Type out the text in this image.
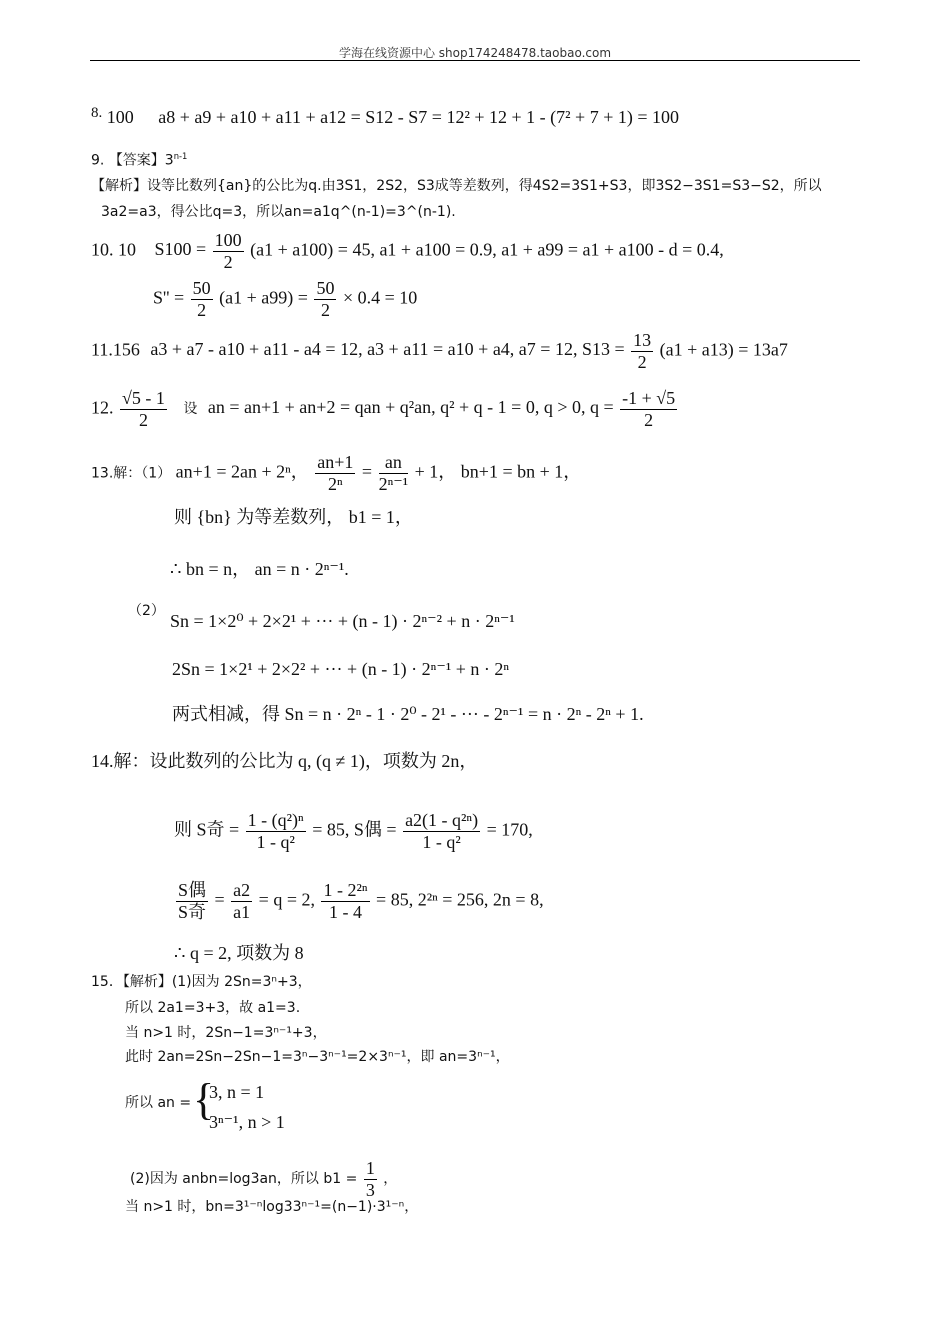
学海在线资源中心 shop174248478.taobao.com
$^{8.}$ 100 a8 + a9 + a10 + a11 + a12 = S12 - S7 = 12² + 12 + 1 - (7² + 7 + 1) = 100
9. 【答案】3$^{n-1}$
【解析】设等比数列{an}的公比为q.由3S1，2S2，S3成等差数列，得4S2=3S1+S3，即3S2−3S1=S3−S2，所以
3a2=a3，得公比q=3，所以an=a1q^(n-1)=3^(n-1).
10. 10 $S100 = \frac{100}{2} (a1 + a100) = 45$, a1 + a100 = 0.9, a1 + a99 = a1 + a100 - d = 0.4,
$S'' = \frac{50}{2} (a1 + a99) = \frac{50}{2} \times 0.4 = 10$
11.156 a3 + a7 - a10 + a11 - a4 = 12, a3 + a11 = a10 + a4, a7 = 12, $S13 = \frac{13}{2} (a1 + a13) = 13a7$
12. $\frac{√5 - 1}{2}$ 设 an = an+1 + an+2 = qan + q²an, q² + q - 1 = 0, q > 0, $q = \frac{-1 + √5}{2}$
13.解：（1） an+1 = 2an + 2ⁿ， $\frac{an+1}{\text{2ⁿ}} = \frac{an}{\text{2ⁿ⁻¹}} + 1$， bn+1 = bn + 1，
则 {bn} 为等差数列， b1 = 1，
∴ bn = n， an = n · 2ⁿ⁻¹.
（2） Sn = 1×2⁰ + 2×2¹ + ··· + (n - 1) · 2ⁿ⁻² + n · 2ⁿ⁻¹
2Sn = 1×2¹ + 2×2² + ··· + (n - 1) · 2ⁿ⁻¹ + n · 2ⁿ
两式相减，得 Sn = n · 2ⁿ - 1 · 2⁰ - 2¹ - ··· - 2ⁿ⁻¹ = n · 2ⁿ - 2ⁿ + 1.
14.解：设此数列的公比为 q, (q ≠ 1)，项数为 2n，
则 S奇 = $\frac{\text{1 - (q²)ⁿ}}{\text{1 - q²}} = 85$, S偶 = $\frac{\text{a2(1 - q²ⁿ)}}{\text{1 - q²}} = 170$,
S偶
S奇
= $\frac{a2}{a1} = q = 2$, $\frac{\text{1 - 2²ⁿ}}{1 - 4} = 85$, 2²ⁿ = 256, 2n = 8,
∴ q = 2, 项数为 8
15．【解析】(1)因为 2Sn=3ⁿ+3，
所以 2a1=3+3，故 a1=3.
当 n>1 时，2Sn−1=3ⁿ⁻¹+3，
此时 2an=2Sn−2Sn−1=3ⁿ−3ⁿ⁻¹=2×3ⁿ⁻¹，即 an=3ⁿ⁻¹，
所以 an = {
3, n = 1
3ⁿ⁻¹, n > 1
(2)因为 anbn=log3an，所以 $b1 = \frac{1}{3}$ ，
当 n>1 时，bn=3¹⁻ⁿlog33ⁿ⁻¹=(n−1)·3¹⁻ⁿ，
